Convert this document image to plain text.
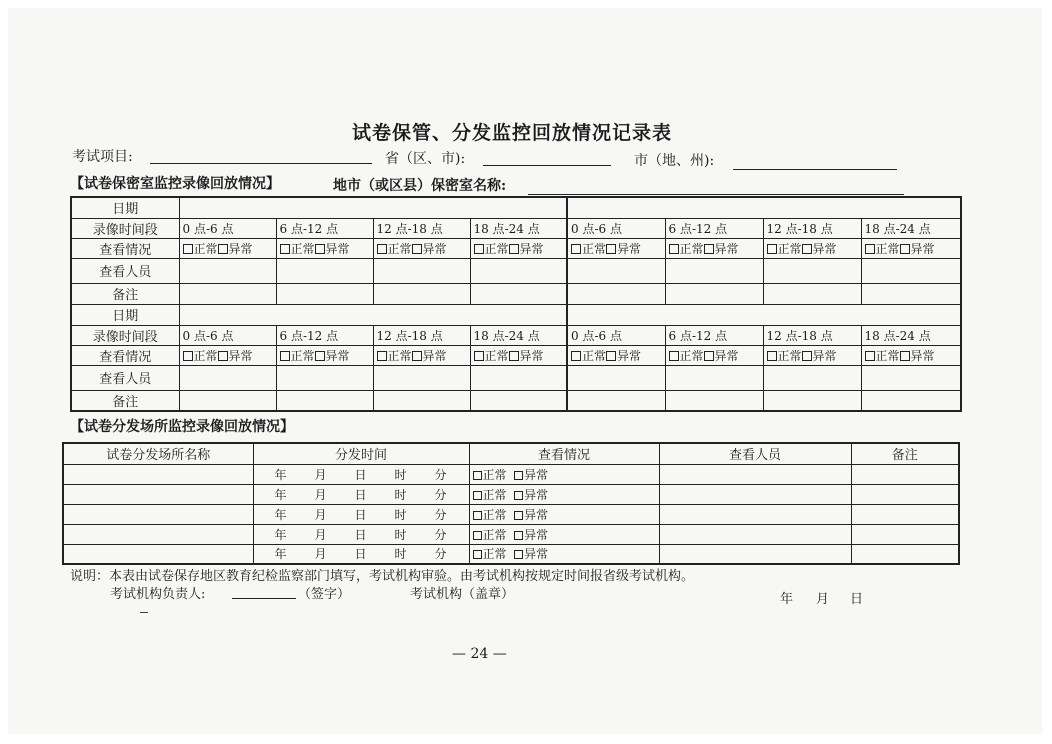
试卷保管、分发监控回放情况记录表
考试项目:	省（区、市):	市（地、州):
【试卷保密室监控录像回放情况】	地市（或区县）保密室名称:
日期								
录像时间段	0 点-6 点	6 点-12 点	12 点-18 点	18 点-24 点	0 点-6 点	6 点-12 点	12 点-18 点	18 点-24 点
查看情况	正常 异常	正常 异常	正常 异常	正常 异常	正常 异常	正常 异常	正常 异常	正常 异常
查看人员								
备注								
日期								
录像时间段	0 点-6 点	6 点-12 点	12 点-18 点	18 点-24 点	0 点-6 点	6 点-12 点	12 点-18 点	18 点-24 点
查看情况	正常 异常	正常 异常	正常 异常	正常 异常	正常 异常	正常 异常	正常 异常	正常 异常
查看人员								
备注								
【试卷分发场所监控录像回放情况】
试卷分发场所名称	分发时间	查看情况	查看人员	备注
	年 月 日 时 分	正常 异常		
	年 月 日 时 分	正常 异常		
	年 月 日 时 分	正常 异常		
	年 月 日 时 分	正常 异常		
	年 月 日 时 分	正常 异常		
说明：本表由试卷保存地区教育纪检监察部门填写，考试机构审验。由考试机构按规定时间报省级考试机构。
考试机构负责人:	（签字）	考试机构（盖章）	年 月 日
— 24 —
